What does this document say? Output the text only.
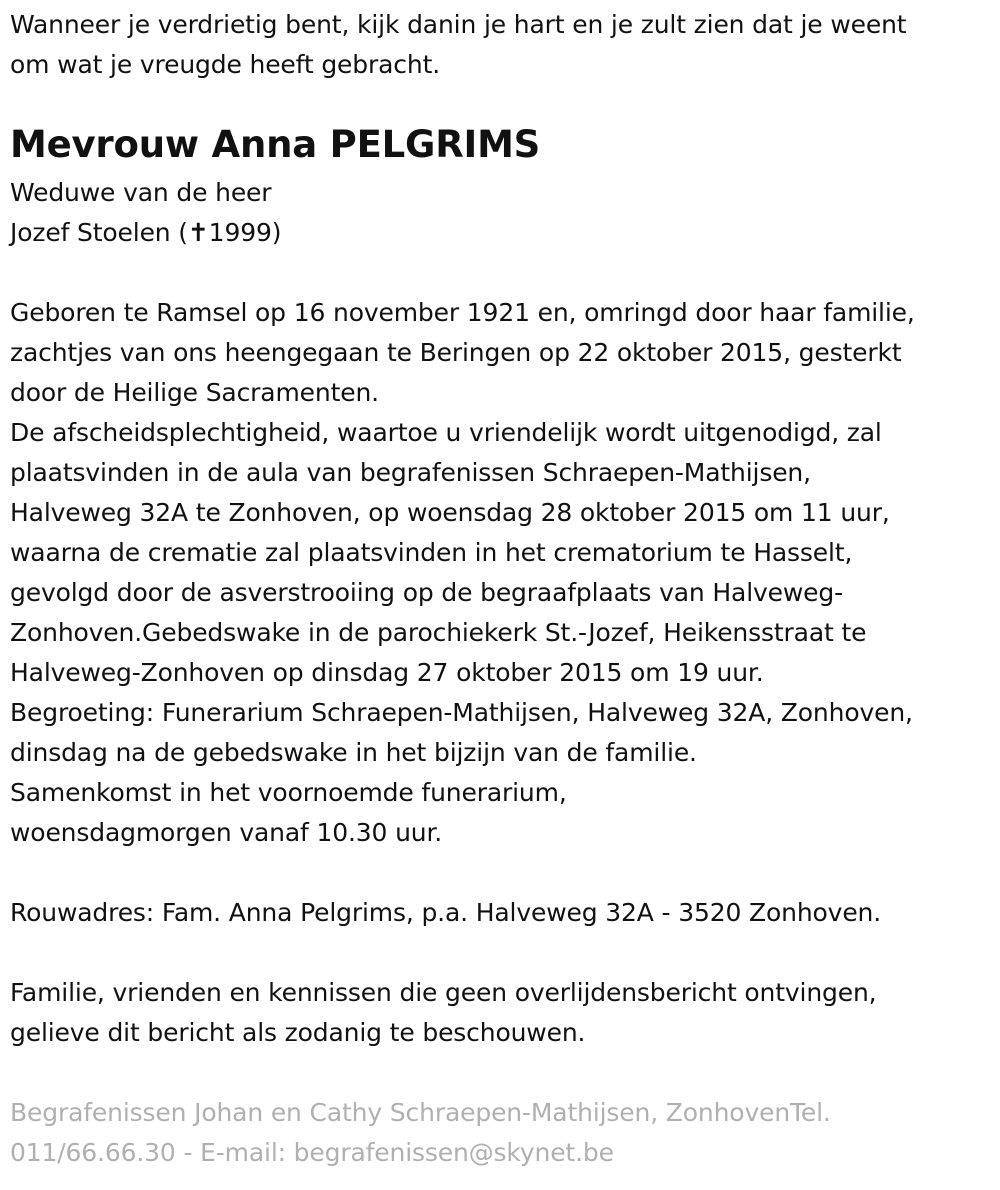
Wanneer je verdrietig bent, kijk danin je hart en je zult zien dat je weent
om wat je vreugde heeft gebracht.
Mevrouw Anna PELGRIMS
Weduwe van de heer
Jozef Stoelen (✝1999)
Geboren te Ramsel op 16 november 1921 en, omringd door haar familie,
zachtjes van ons heengegaan te Beringen op 22 oktober 2015, gesterkt
door de Heilige Sacramenten.
De afscheidsplechtigheid, waartoe u vriendelijk wordt uitgenodigd, zal
plaatsvinden in de aula van begrafenissen Schraepen-Mathijsen,
Halveweg 32A te Zonhoven, op woensdag 28 oktober 2015 om 11 uur,
waarna de crematie zal plaatsvinden in het crematorium te Hasselt,
gevolgd door de asverstrooiing op de begraafplaats van Halveweg-
Zonhoven.Gebedswake in de parochiekerk St.-Jozef, Heikensstraat te
Halveweg-Zonhoven op dinsdag 27 oktober 2015 om 19 uur.
Begroeting: Funerarium Schraepen-Mathijsen, Halveweg 32A, Zonhoven,
dinsdag na de gebedswake in het bijzijn van de familie.
Samenkomst in het voornoemde funerarium,
woensdagmorgen vanaf 10.30 uur.
Rouwadres: Fam. Anna Pelgrims, p.a. Halveweg 32A - 3520 Zonhoven.
Familie, vrienden en kennissen die geen overlijdensbericht ontvingen,
gelieve dit bericht als zodanig te beschouwen.
Begrafenissen Johan en Cathy Schraepen-Mathijsen, ZonhovenTel.
011/66.66.30 - E-mail: begrafenissen@skynet.be
